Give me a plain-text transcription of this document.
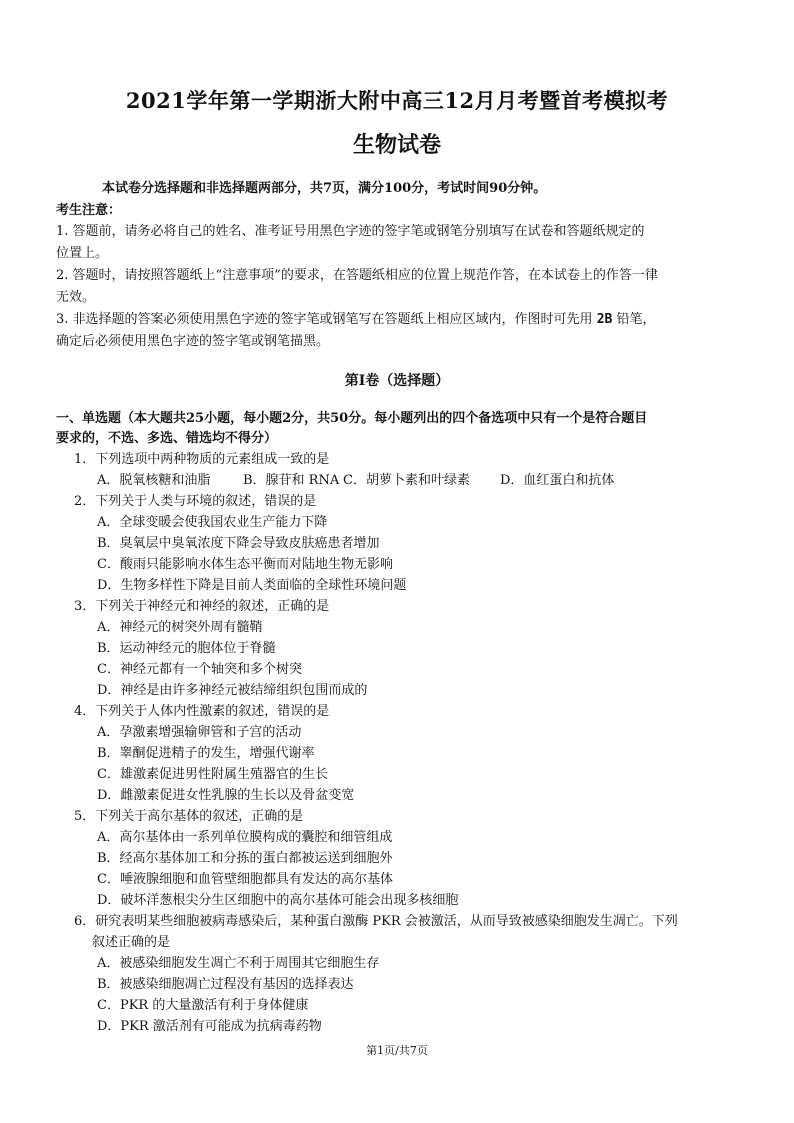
2021学年第一学期浙大附中高三12月月考暨首考模拟考
生物试卷
本试卷分选择题和非选择题两部分，共7页，满分100分，考试时间90分钟。
考生注意：
1. 答题前，请务必将自己的姓名、准考证号用黑色字迹的签字笔或钢笔分别填写在试卷和答题纸规定的
位置上。
2. 答题时，请按照答题纸上“注意事项”的要求，在答题纸相应的位置上规范作答，在本试卷上的作答一律
无效。
3. 非选择题的答案必须使用黑色字迹的签字笔或钢笔写在答题纸上相应区域内，作图时可先用 2B 铅笔，
确定后必须使用黑色字迹的签字笔或钢笔描黑。
第Ⅰ卷（选择题）
一、单选题（本大题共25小题，每小题2分，共50分。每小题列出的四个备选项中只有一个是符合题目
要求的，不选、多选、错选均不得分）
1．下列选项中两种物质的元素组成一致的是
A．脱氧核糖和油脂	B．腺苷和 RNA C．胡萝卜素和叶绿素 D．血红蛋白和抗体
2．下列关于人类与环境的叙述，错误的是
A．全球变暖会使我国农业生产能力下降
B．臭氧层中臭氧浓度下降会导致皮肤癌患者增加
C．酸雨只能影响水体生态平衡而对陆地生物无影响
D．生物多样性下降是目前人类面临的全球性环境问题
3．下列关于神经元和神经的叙述，正确的是
A．神经元的树突外周有髓鞘
B．运动神经元的胞体位于脊髓
C．神经元都有一个轴突和多个树突
D．神经是由许多神经元被结缔组织包围而成的
4．下列关于人体内性激素的叙述，错误的是
A．孕激素增强输卵管和子宫的活动
B．睾酮促进精子的发生，增强代谢率
C．雄激素促进男性附属生殖器官的生长
D．雌激素促进女性乳腺的生长以及骨盆变宽
5．下列关于高尔基体的叙述，正确的是
A．高尔基体由一系列单位膜构成的囊腔和细管组成
B．经高尔基体加工和分拣的蛋白都被运送到细胞外
C．唾液腺细胞和血管壁细胞都具有发达的高尔基体
D．破坏洋葱根尖分生区细胞中的高尔基体可能会出现多核细胞
6．研究表明某些细胞被病毒感染后，某种蛋白激酶 PKR 会被激活，从而导致被感染细胞发生凋亡。下列
叙述正确的是
A．被感染细胞发生凋亡不利于周围其它细胞生存
B．被感染细胞凋亡过程没有基因的选择表达
C．PKR 的大量激活有利于身体健康
D．PKR 激活剂有可能成为抗病毒药物
第1页/共7页
